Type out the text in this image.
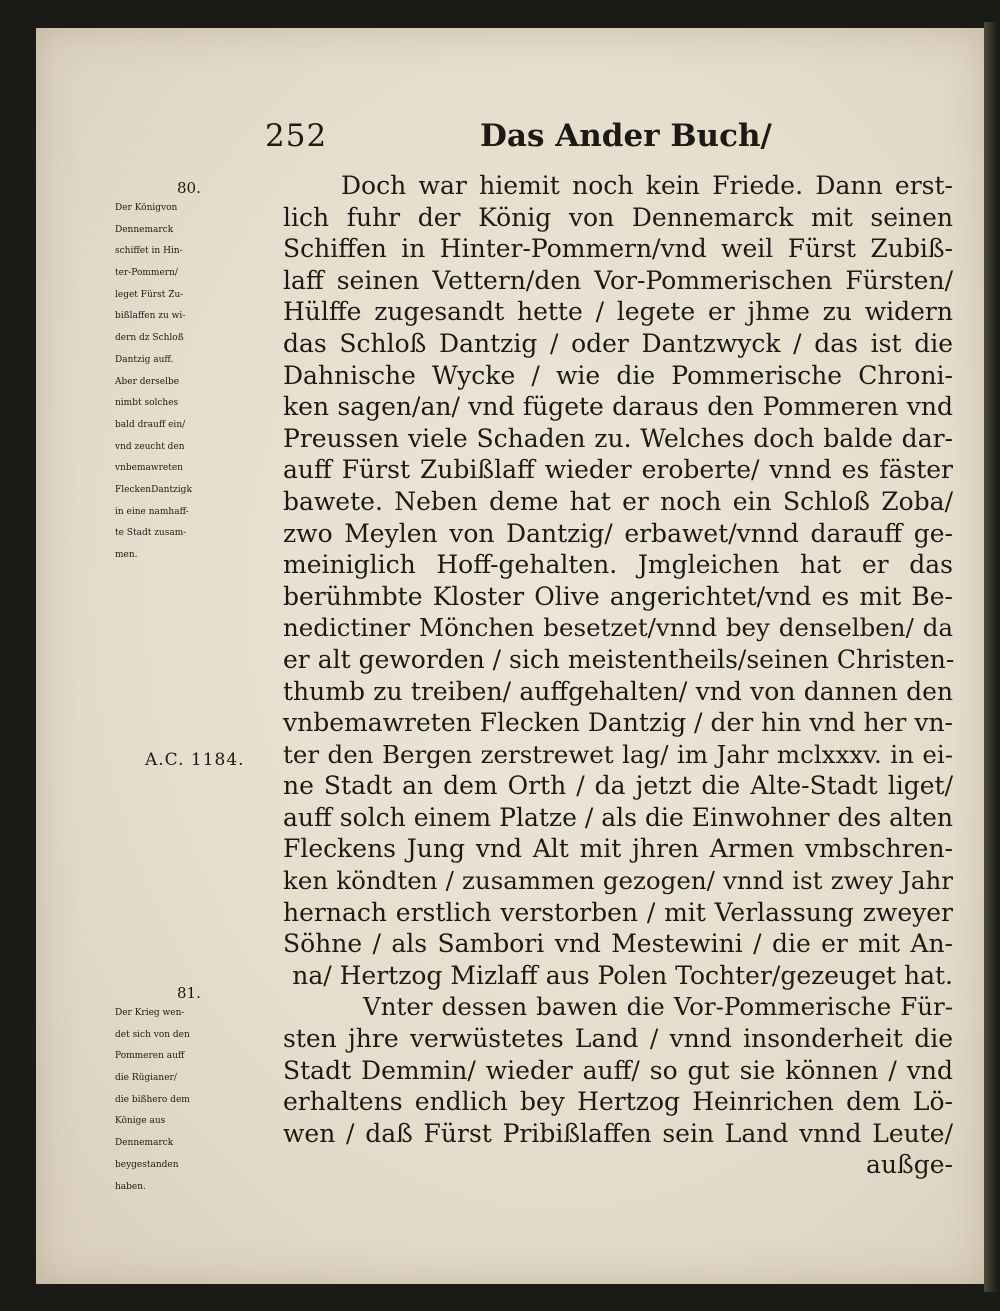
252	Das Ander Buch/
80.
Der Königvon
Dennemarck
schiffet in Hin-
ter-Pommern/
leget Fürst Zu-
bißlaffen zu wi-
dern dz Schloß
Dantzig auff.
Aber derselbe
nimbt solches
bald drauff ein/
vnd zeucht den
vnbemawreten
FleckenDantzigk
in eine namhaff-
te Stadt zusam-
men.
A.C. 1184.
81.
Der Krieg wen-
det sich von den
Pommeren auff
die Rügianer/
die bißhero dem
Könige aus
Dennemarck
beygestanden
haben.
Doch war hiemit noch kein Friede. Dann erst-
lich fuhr der König von Dennemarck mit seinen
Schiffen in Hinter-Pommern/vnd weil Fürst Zubiß-
laff seinen Vettern/den Vor-Pommerischen Fürsten/
Hülffe zugesandt hette / legete er jhme zu widern
das Schloß Dantzig / oder Dantzwyck / das ist die
Dahnische Wycke / wie die Pommerische Chroni-
ken sagen/an/ vnd fügete daraus den Pommeren vnd
Preussen viele Schaden zu. Welches doch balde dar-
auff Fürst Zubißlaff wieder eroberte/ vnnd es fäster
bawete. Neben deme hat er noch ein Schloß Zoba/
zwo Meylen von Dantzig/ erbawet/vnnd darauff ge-
meiniglich Hoff-gehalten. Jmgleichen hat er das
berühmbte Kloster Olive angerichtet/vnd es mit Be-
nedictiner Mönchen besetzet/vnnd bey denselben/ da
er alt geworden / sich meistentheils/seinen Christen-
thumb zu treiben/ auffgehalten/ vnd von dannen den
vnbemawreten Flecken Dantzig / der hin vnd her vn-
ter den Bergen zerstrewet lag/ im Jahr mclxxxv. in ei-
ne Stadt an dem Orth / da jetzt die Alte-Stadt liget/
auff solch einem Platze / als die Einwohner des alten
Fleckens Jung vnd Alt mit jhren Armen vmbschren-
ken köndten / zusammen gezogen/ vnnd ist zwey Jahr
hernach erstlich verstorben / mit Verlassung zweyer
Söhne / als Sambori vnd Mestewini / die er mit An-
na/ Hertzog Mizlaff aus Polen Tochter/gezeuget hat.
Vnter dessen bawen die Vor-Pommerische Für-
sten jhre verwüstetes Land / vnnd insonderheit die
Stadt Demmin/ wieder auff/ so gut sie können / vnd
erhaltens endlich bey Hertzog Heinrichen dem Lö-
wen / daß Fürst Pribißlaffen sein Land vnnd Leute/
außge-
